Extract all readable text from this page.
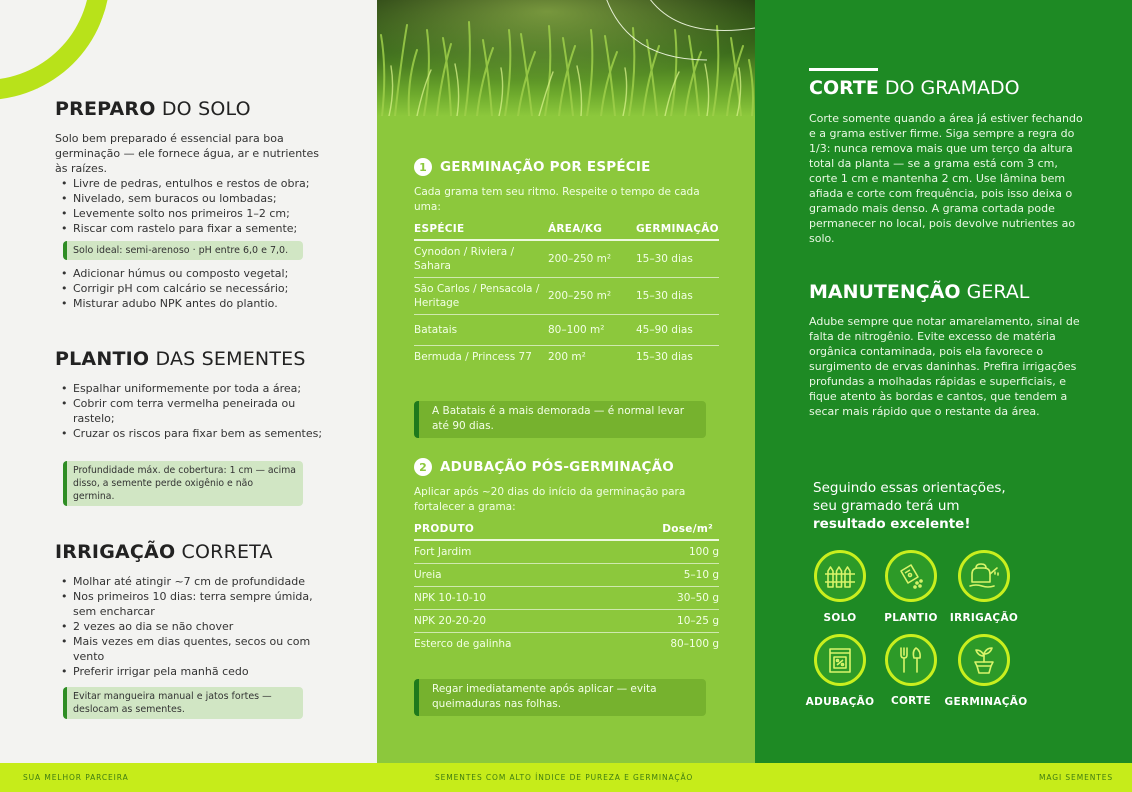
PREPARO DO SOLO

Solo bem preparado é essencial para boa germinação — ele fornece água, ar e nutrientes às raízes.

• Livre de pedras, entulhos e restos de obra;
• Nivelado, sem buracos ou lombadas;
• Levemente solto nos primeiros 1–2 cm;
• Riscar com rastelo para fixar a semente;
Solo ideal: semi-arenoso · pH entre 6,0 e 7,0.
• Adicionar húmus ou composto vegetal;
• Corrigir pH com calcário se necessário;
• Misturar adubo NPK antes do plantio.
PLANTIO DAS SEMENTES
• Espalhar uniformemente por toda a área;
• Cobrir com terra vermelha peneirada ou rastelo;
• Cruzar os riscos para fixar bem as sementes;
Profundidade máx. de cobertura: 1 cm — acima disso, a semente perde oxigênio e não germina.
IRRIGAÇÃO CORRETA
• Molhar até atingir ~7 cm de profundidade
• Nos primeiros 10 dias: terra sempre úmida, sem encharcar
• 2 vezes ao dia se não chover
• Mais vezes em dias quentes, secos ou com vento
• Preferir irrigar pela manhã cedo
Evitar mangueira manual e jatos fortes — deslocam as sementes.
1 GERMINAÇÃO POR ESPÉCIE

Cada grama tem seu ritmo. Respeite o tempo de cada uma:

ESPÉCIE	ÁREA/KG	GERMINAÇÃO
Cynodon / Riviera / Sahara	200–250 m²	15–30 dias
São Carlos / Pensacola / Heritage	200–250 m²	15–30 dias
Batatais	80–100 m²	45–90 dias
Bermuda / Princess 77	200 m²	15–30 dias
A Batatais é a mais demorada — é normal levar até 90 dias.
2 ADUBAÇÃO PÓS-GERMINAÇÃO

Aplicar após ~20 dias do início da germinação para fortalecer a grama:

PRODUTO	Dose/m²
Fort Jardim	100 g
Ureia	5–10 g
NPK 10-10-10	30–50 g
NPK 20-20-20	10–25 g
Esterco de galinha	80–100 g
Regar imediatamente após aplicar — evita queimaduras nas folhas.
CORTE DO GRAMADO

Corte somente quando a área já estiver fechando e a grama estiver firme. Siga sempre a regra do 1/3: nunca remova mais que um terço da altura total da planta — se a grama está com 3 cm, corte 1 cm e mantenha 2 cm. Use lâmina bem afiada e corte com frequência, pois isso deixa o gramado mais denso. A grama cortada pode permanecer no local, pois devolve nutrientes ao solo.

MANUTENÇÃO GERAL

Adube sempre que notar amarelamento, sinal de falta de nitrogênio. Evite excesso de matéria orgânica contaminada, pois ela favorece o surgimento de ervas daninhas. Prefira irrigações profundas a molhadas rápidas e superficiais, e fique atento às bordas e cantos, que tendem a secar mais rápido que o restante da área.

Seguindo essas orientações,
seu gramado terá um
resultado excelente!
SOLO	PLANTIO	IRRIGAÇÃO
ADUBAÇÃO	CORTE	GERMINAÇÃO
SUA MELHOR PARCEIRA	SEMENTES COM ALTO ÍNDICE DE PUREZA E GERMINAÇÃO	MAGI SEMENTES
